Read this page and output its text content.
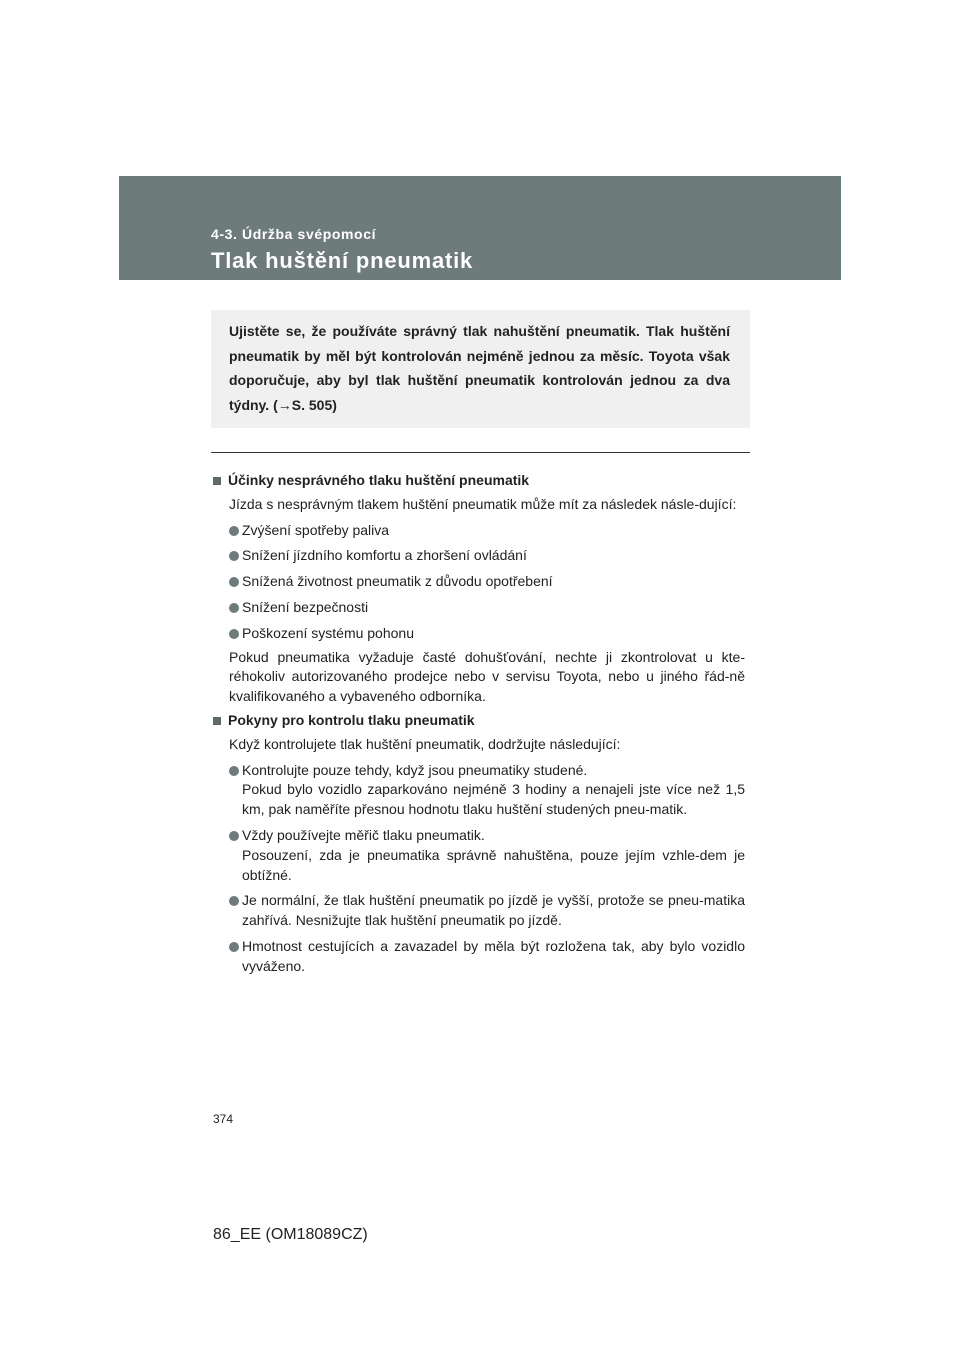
4-3. Údržba svépomocí
Tlak huštění pneumatik
Ujistěte se, že používáte správný tlak nahuštění pneumatik. Tlak huštění pneumatik by měl být kontrolován nejméně jednou za měsíc. Toyota však doporučuje, aby byl tlak huštění pneumatik kontrolován jednou za dva týdny. (→S. 505)
Účinky nesprávného tlaku huštění pneumatik
Jízda s nesprávným tlakem huštění pneumatik může mít za následek násle-dující:
Zvýšení spotřeby paliva
Snížení jízdního komfortu a zhoršení ovládání
Snížená životnost pneumatik z důvodu opotřebení
Snížení bezpečnosti
Poškození systému pohonu
Pokud pneumatika vyžaduje časté dohušťování, nechte ji zkontrolovat u kte-réhokoliv autorizovaného prodejce nebo v servisu Toyota, nebo u jiného řád-ně kvalifikovaného a vybaveného odborníka.
Pokyny pro kontrolu tlaku pneumatik
Když kontrolujete tlak huštění pneumatik, dodržujte následující:
Kontrolujte pouze tehdy, když jsou pneumatiky studené.
Pokud bylo vozidlo zaparkováno nejméně 3 hodiny a nenajeli jste více než 1,5 km, pak naměříte přesnou hodnotu tlaku huštění studených pneu-matik.
Vždy používejte měřič tlaku pneumatik.
Posouzení, zda je pneumatika správně nahuštěna, pouze jejím vzhle-dem je obtížné.
Je normální, že tlak huštění pneumatik po jízdě je vyšší, protože se pneu-matika zahřívá. Nesnižujte tlak huštění pneumatik po jízdě.
Hmotnost cestujících a zavazadel by měla být rozložena tak, aby bylo vozidlo vyváženo.
374
86_EE (OM18089CZ)
